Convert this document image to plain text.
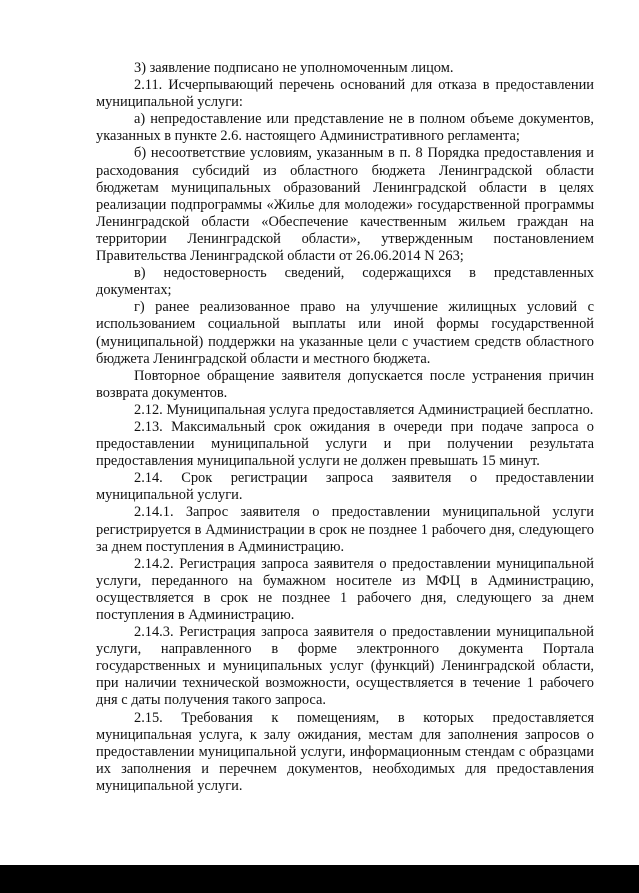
3) заявление подписано не уполномоченным лицом.

2.11. Исчерпывающий перечень оснований для отказа в предоставлении муниципальной услуги:

а) непредоставление или представление не в полном объеме документов, указанных в пункте 2.6. настоящего Административного регламента;

б) несоответствие условиям, указанным в п. 8 Порядка предоставления и расходования субсидий из областного бюджета Ленинградской области бюджетам муниципальных образований Ленинградской области в целях реализации подпрограммы «Жилье для молодежи» государственной программы Ленинградской области «Обеспечение качественным жильем граждан на территории Ленинградской области», утвержденным постановлением Правительства Ленинградской области от 26.06.2014 N 263;

в) недостоверность сведений, содержащихся в представленных документах;

г) ранее реализованное право на улучшение жилищных условий с использованием социальной выплаты или иной формы государственной (муниципальной) поддержки на указанные цели с участием средств областного бюджета Ленинградской области и местного бюджета.

Повторное обращение заявителя допускается после устранения причин возврата документов.

2.12. Муниципальная услуга предоставляется Администрацией бесплатно.

2.13. Максимальный срок ожидания в очереди при подаче запроса о предоставлении муниципальной услуги и при получении результата предоставления муниципальной услуги не должен превышать 15 минут.

2.14. Срок регистрации запроса заявителя о предоставлении муниципальной услуги.

2.14.1. Запрос заявителя о предоставлении муниципальной услуги регистрируется в Администрации в срок не позднее 1 рабочего дня, следующего за днем поступления в Администрацию.

2.14.2. Регистрация запроса заявителя о предоставлении муниципальной услуги, переданного на бумажном носителе из МФЦ в Администрацию, осуществляется в срок не позднее 1 рабочего дня, следующего за днем поступления в Администрацию.

2.14.3. Регистрация запроса заявителя о предоставлении муниципальной услуги, направленного в форме электронного документа Портала государственных и муниципальных услуг (функций) Ленинградской области, при наличии технической возможности, осуществляется в течение 1 рабочего дня с даты получения такого запроса.

2.15. Требования к помещениям, в которых предоставляется муниципальная услуга, к залу ожидания, местам для заполнения запросов о предоставлении муниципальной услуги, информационным стендам с образцами их заполнения и перечнем документов, необходимых для предоставления муниципальной услуги.
